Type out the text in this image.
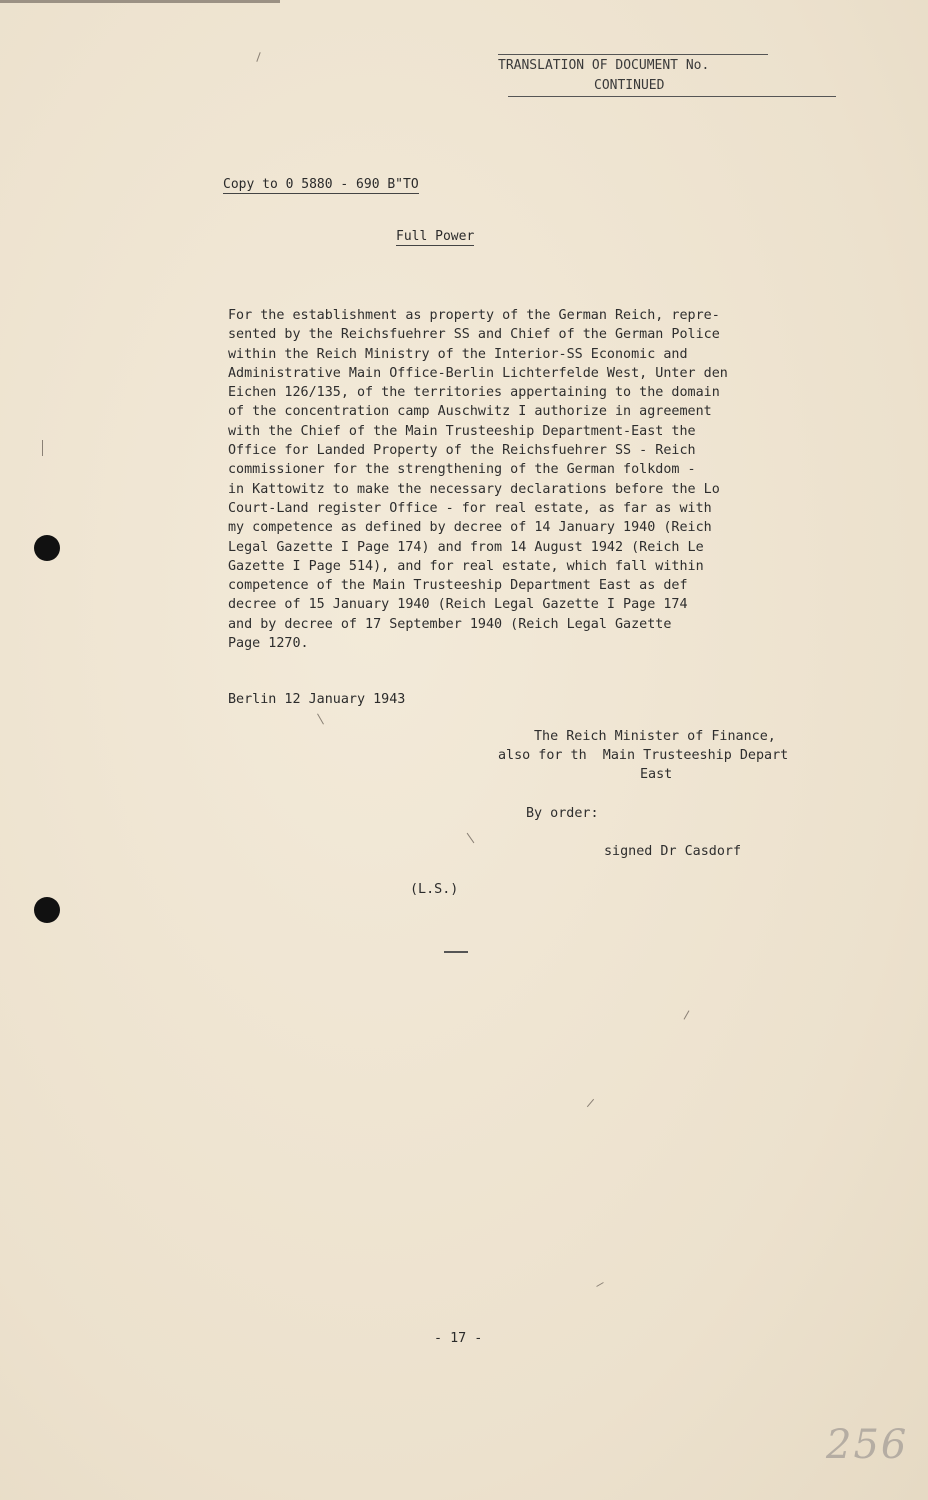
TRANSLATION OF DOCUMENT No.
CONTINUED
Copy to 0 5880 - 690 B"TO
Full Power
For the establishment as property of the German Reich, repre-
sented by the Reichsfuehrer SS and Chief of the German Police
within the Reich Ministry of the Interior-SS Economic and
Administrative Main Office-Berlin Lichterfelde West, Unter den
Eichen 126/135, of the territories appertaining to the domain
of the concentration camp Auschwitz I authorize in agreement
with the Chief of the Main Trusteeship Department-East the
Office for Landed Property of the Reichsfuehrer SS - Reich
commissioner for the strengthening of the German folkdom -
in Kattowitz to make the necessary declarations before the Lo
Court-Land register Office - for real estate, as far as with
my competence as defined by decree of 14 January 1940 (Reich
Legal Gazette I Page 174) and from 14 August 1942 (Reich Le
Gazette I Page 514), and for real estate, which fall within
competence of the Main Trusteeship Department East as def
decree of 15 January 1940 (Reich Legal Gazette I Page 174
and by decree of 17 September 1940 (Reich Legal Gazette
Page 1270.
Berlin 12 January 1943
The Reich Minister of Finance,
also for th  Main Trusteeship Depart
East
By order:
signed Dr Casdorf
(L.S.)
- 17 -
256
